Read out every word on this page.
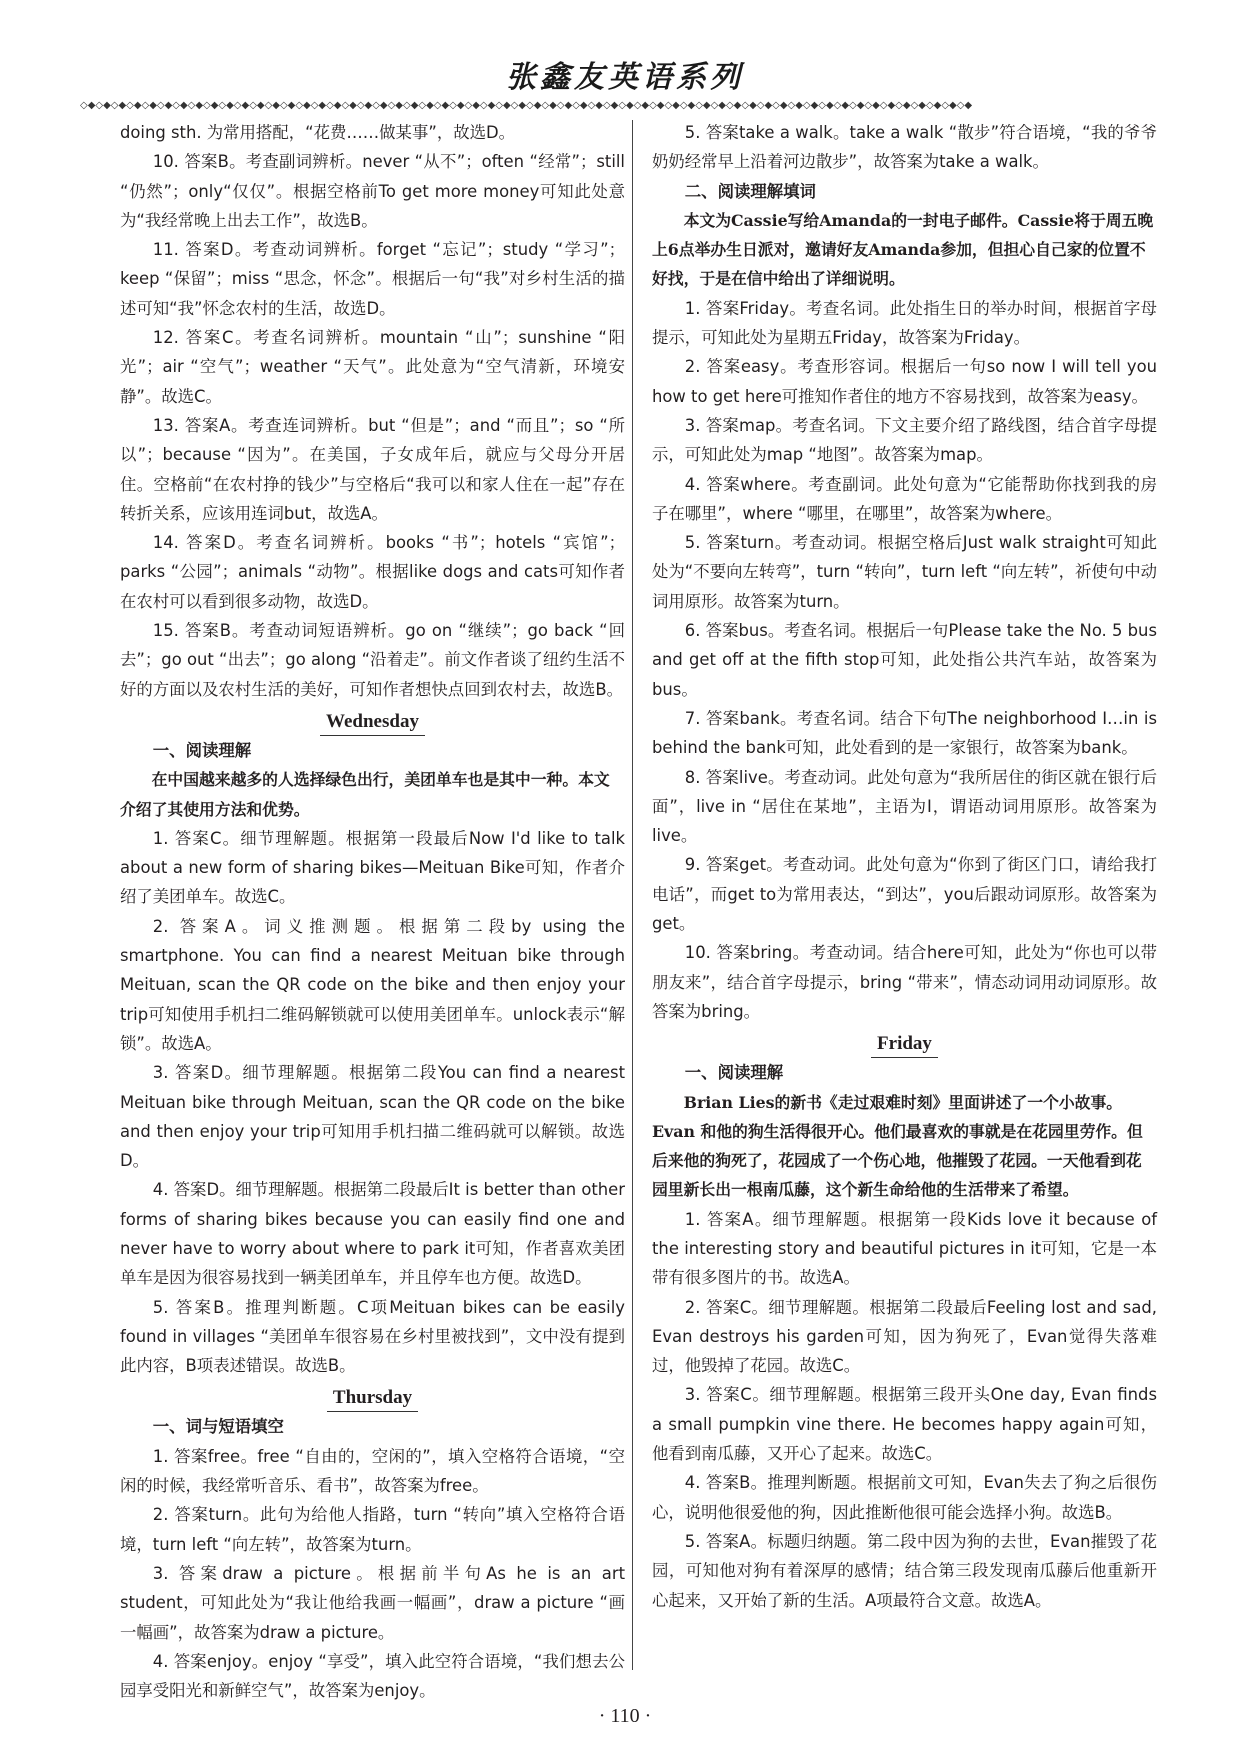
张鑫友英语系列
◇◆◇◆◇◆◇◆◇◆◇◆◇◆◇◆◇◆◇◆◇◆◇◆◇◆◇◆◇◆◇◆◇◆◇◆◇◆◇◆◇◆◇◆◇◆◇◆◇◆◇◆◇◆◇◆◇◆◇◆◇◆◇◆◇◆◇◆◇◆◇◆◇◆◇◆◇◆◇◆◇◆◇◆◇◆◇◆◇◆◇◆◇◆◇◆◇◆◇◆◇◆◇◆◇◆◇◆◇◆◇◆◇◆◇◆

doing sth. 为常用搭配，“花费……做某事”，故选D。

10. 答案B。考查副词辨析。never “从不”；often “经常”；still “仍然”；only“仅仅”。根据空格前To get more money可知此处意为“我经常晚上出去工作”，故选B。

11. 答案D。考查动词辨析。forget “忘记”；study “学习”；keep “保留”；miss “思念，怀念”。根据后一句“我”对乡村生活的描述可知“我”怀念农村的生活，故选D。

12. 答案C。考查名词辨析。mountain “山”；sunshine “阳光”；air “空气”；weather “天气”。此处意为“空气清新，环境安静”。故选C。

13. 答案A。考查连词辨析。but “但是”；and “而且”；so “所以”；because “因为”。在美国，子女成年后，就应与父母分开居住。空格前“在农村挣的钱少”与空格后“我可以和家人住在一起”存在转折关系，应该用连词but，故选A。

14. 答案D。考查名词辨析。books “书”；hotels “宾馆”；parks “公园”；animals “动物”。根据like dogs and cats可知作者在农村可以看到很多动物，故选D。

15. 答案B。考查动词短语辨析。go on “继续”；go back “回去”；go out “出去”；go along “沿着走”。前文作者谈了纽约生活不好的方面以及农村生活的美好，可知作者想快点回到农村去，故选B。

Wednesday

一、阅读理解

在中国越来越多的人选择绿色出行，美团单车也是其中一种。本文介绍了其使用方法和优势。

1. 答案C。细节理解题。根据第一段最后Now I'd like to talk about a new form of sharing bikes—Meituan Bike可知，作者介绍了美团单车。故选C。

2. 答案A。词义推测题。根据第二段by using the smartphone. You can find a nearest Meituan bike through Meituan, scan the QR code on the bike and then enjoy your trip可知使用手机扫二维码解锁就可以使用美团单车。unlock表示“解锁”。故选A。

3. 答案D。细节理解题。根据第二段You can find a nearest Meituan bike through Meituan, scan the QR code on the bike and then enjoy your trip可知用手机扫描二维码就可以解锁。故选D。

4. 答案D。细节理解题。根据第二段最后It is better than other forms of sharing bikes because you can easily find one and never have to worry about where to park it可知，作者喜欢美团单车是因为很容易找到一辆美团单车，并且停车也方便。故选D。

5. 答案B。推理判断题。C项Meituan bikes can be easily found in villages “美团单车很容易在乡村里被找到”，文中没有提到此内容，B项表述错误。故选B。

Thursday

一、词与短语填空

1. 答案free。free “自由的，空闲的”，填入空格符合语境，“空闲的时候，我经常听音乐、看书”，故答案为free。

2. 答案turn。此句为给他人指路，turn “转向”填入空格符合语境，turn left “向左转”，故答案为turn。

3. 答案draw a picture。根据前半句As he is an art student，可知此处为“我让他给我画一幅画”，draw a picture “画一幅画”，故答案为draw a picture。

4. 答案enjoy。enjoy “享受”，填入此空符合语境，“我们想去公园享受阳光和新鲜空气”，故答案为enjoy。

5. 答案take a walk。take a walk “散步”符合语境，“我的爷爷奶奶经常早上沿着河边散步”，故答案为take a walk。

二、阅读理解填词

本文为Cassie写给Amanda的一封电子邮件。Cassie将于周五晚上6点举办生日派对，邀请好友Amanda参加，但担心自己家的位置不好找，于是在信中给出了详细说明。

1. 答案Friday。考查名词。此处指生日的举办时间，根据首字母提示，可知此处为星期五Friday，故答案为Friday。

2. 答案easy。考查形容词。根据后一句so now I will tell you how to get here可推知作者住的地方不容易找到，故答案为easy。

3. 答案map。考查名词。下文主要介绍了路线图，结合首字母提示，可知此处为map “地图”。故答案为map。

4. 答案where。考查副词。此处句意为“它能帮助你找到我的房子在哪里”，where “哪里，在哪里”，故答案为where。

5. 答案turn。考查动词。根据空格后Just walk straight可知此处为“不要向左转弯”，turn “转向”，turn left “向左转”，祈使句中动词用原形。故答案为turn。

6. 答案bus。考查名词。根据后一句Please take the No. 5 bus and get off at the fifth stop可知，此处指公共汽车站，故答案为bus。

7. 答案bank。考查名词。结合下句The neighborhood I…in is behind the bank可知，此处看到的是一家银行，故答案为bank。

8. 答案live。考查动词。此处句意为“我所居住的街区就在银行后面”，live in “居住在某地”，主语为I，谓语动词用原形。故答案为live。

9. 答案get。考查动词。此处句意为“你到了街区门口，请给我打电话”，而get to为常用表达，“到达”，you后跟动词原形。故答案为get。

10. 答案bring。考查动词。结合here可知，此处为“你也可以带朋友来”，结合首字母提示，bring “带来”，情态动词用动词原形。故答案为bring。

Friday

一、阅读理解

Brian Lies的新书《走过艰难时刻》里面讲述了一个小故事。Evan 和他的狗生活得很开心。他们最喜欢的事就是在花园里劳作。但后来他的狗死了，花园成了一个伤心地，他摧毁了花园。一天他看到花园里新长出一根南瓜藤，这个新生命给他的生活带来了希望。

1. 答案A。细节理解题。根据第一段Kids love it because of the interesting story and beautiful pictures in it可知，它是一本带有很多图片的书。故选A。

2. 答案C。细节理解题。根据第二段最后Feeling lost and sad, Evan destroys his garden可知，因为狗死了，Evan觉得失落难过，他毁掉了花园。故选C。

3. 答案C。细节理解题。根据第三段开头One day, Evan finds a small pumpkin vine there. He becomes happy again可知，他看到南瓜藤，又开心了起来。故选C。

4. 答案B。推理判断题。根据前文可知，Evan失去了狗之后很伤心，说明他很爱他的狗，因此推断他很可能会选择小狗。故选B。

5. 答案A。标题归纳题。第二段中因为狗的去世，Evan摧毁了花园，可知他对狗有着深厚的感情；结合第三段发现南瓜藤后他重新开心起来，又开始了新的生活。A项最符合文意。故选A。

· 110 ·
